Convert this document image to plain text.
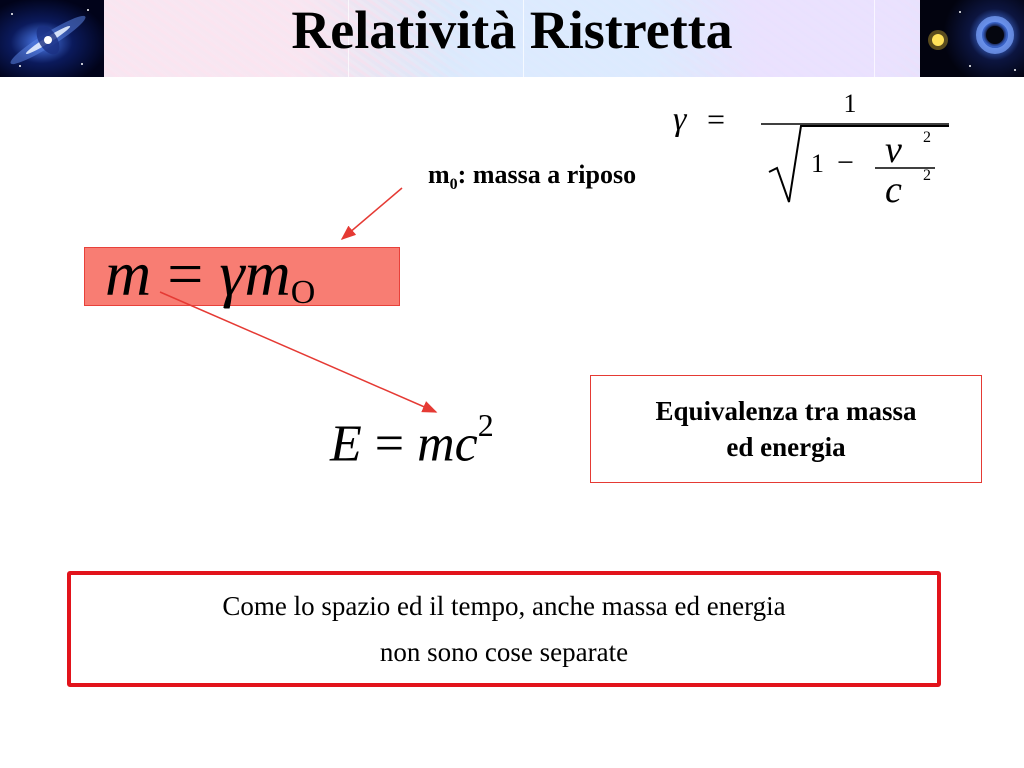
Relatività Ristretta
γ =	1
1 − v 2
c 2
$m_0$: massa a riposo
m = γmO
$E = mc^2$	Equivalenza tra massa
ed energia
Come lo spazio ed il tempo, anche massa ed energia
non sono cose separate
